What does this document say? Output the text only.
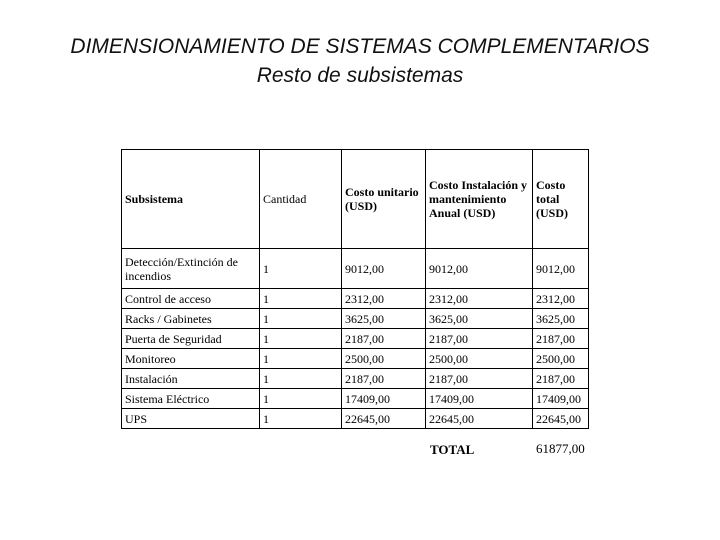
DIMENSIONAMIENTO DE SISTEMAS COMPLEMENTARIOS
Resto de subsistemas
Subsistema	Cantidad	Costo unitario (USD)	Costo Instalación y mantenimiento Anual (USD)	Costo total (USD)
Detección/Extinción de incendios	1	9012,00	9012,00	9012,00
Control de acceso	1	2312,00	2312,00	2312,00
Racks / Gabinetes	1	3625,00	3625,00	3625,00
Puerta de Seguridad	1	2187,00	2187,00	2187,00
Monitoreo	1	2500,00	2500,00	2500,00
Instalación	1	2187,00	2187,00	2187,00
Sistema Eléctrico	1	17409,00	17409,00	17409,00
UPS	1	22645,00	22645,00	22645,00
TOTAL	61877,00
